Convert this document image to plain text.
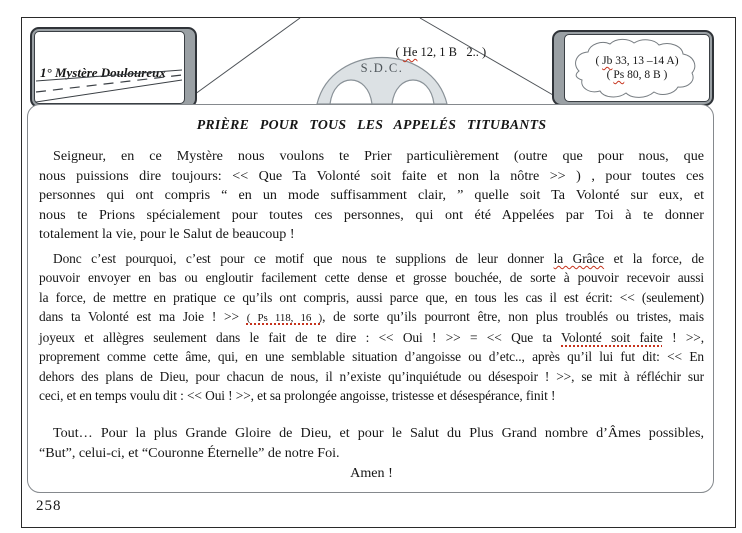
1° Mystère Douloureux

( He 12, 1 B   2.. )

S.D.C.	( Jb 33, 13 –14 A)
( Ps 80, 8 B )
PRIÈRE POUR TOUS LES APPELÉS TITUBANTS
Seigneur, en ce Mystère nous voulons te Prier particulièrement (outre que pour nous, que
nous puissions dire toujours: << Que Ta Volonté soit faite et non la nôtre >> ) , pour toutes ces
personnes qui ont compris “ en un mode suffisamment clair, ” quelle soit Ta Volonté sur eux, et
nous te Prions spécialement pour toutes ces personnes, qui ont été Appelées par Toi à te donner
totalement la vie, pour le Salut de beaucoup !
Donc c’est pourquoi, c’est pour ce motif que nous te supplions de leur donner la Grâce et la force, de
pouvoir envoyer en bas ou engloutir facilement cette dense et grosse bouchée, de sorte à pouvoir recevoir aussi
la force, de mettre en pratique ce qu’ils ont compris, aussi parce que, en tous les cas il est écrit: << (seulement)
dans ta Volonté est ma Joie ! >> ( Ps 118, 16 ), de sorte qu’ils pourront être, non plus troublés ou tristes, mais
joyeux et allègres seulement dans le fait de te dire : << Oui ! >> = << Que ta Volonté soit faite ! >>,
proprement comme cette âme, qui, en une semblable situation d’angoisse ou d’etc.., après qu’il lui fut dit: << En
dehors des plans de Dieu, pour chacun de nous, il n’existe qu’inquiétude ou désespoir ! >>, se mit à réfléchir sur
ceci, et en temps voulu dit : << Oui ! >>, et sa prolongée angoisse, tristesse et désespérance, finit !
Tout… Pour la plus Grande Gloire de Dieu, et pour le Salut du Plus Grand nombre d’Âmes possibles,
“But”, celui-ci, et “Couronne Éternelle” de notre Foi.
Amen !
258
